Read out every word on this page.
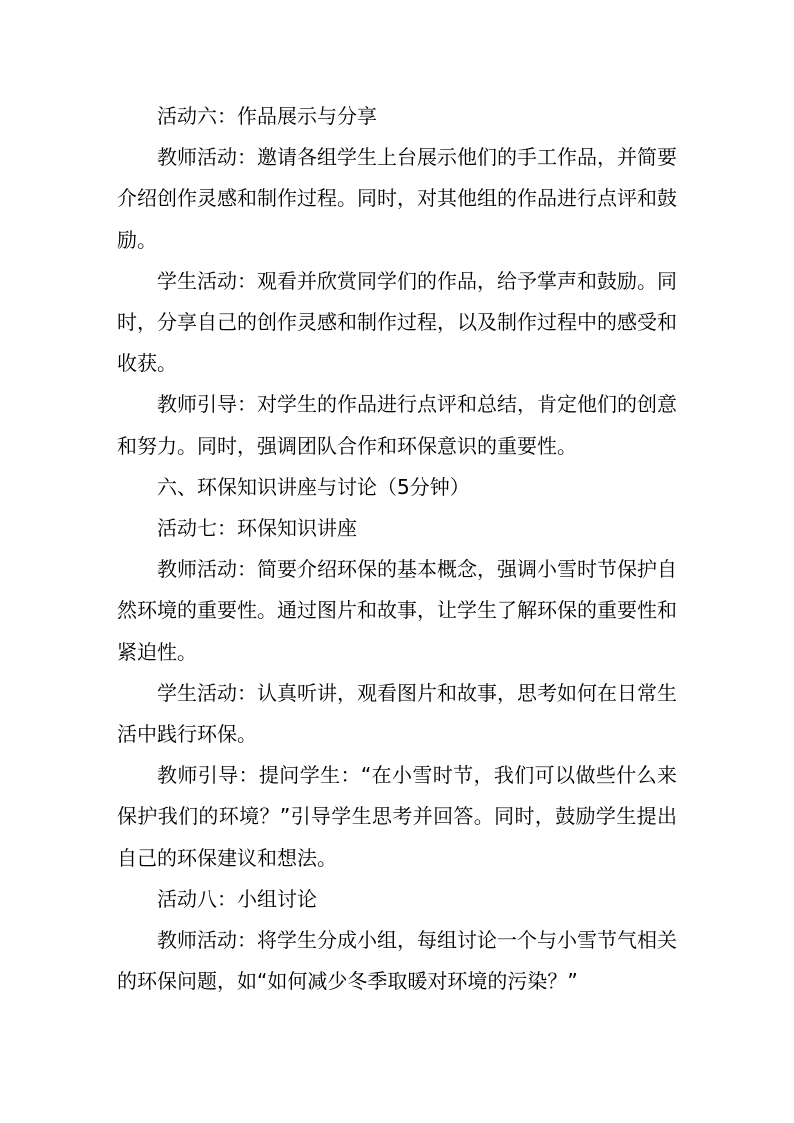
活动六：作品展示与分享

教师活动：邀请各组学生上台展示他们的手工作品，并简要介绍创作灵感和制作过程。同时，对其他组的作品进行点评和鼓励。

学生活动：观看并欣赏同学们的作品，给予掌声和鼓励。同时，分享自己的创作灵感和制作过程，以及制作过程中的感受和收获。

教师引导：对学生的作品进行点评和总结，肯定他们的创意和努力。同时，强调团队合作和环保意识的重要性。

六、环保知识讲座与讨论（5分钟）

活动七：环保知识讲座

教师活动：简要介绍环保的基本概念，强调小雪时节保护自然环境的重要性。通过图片和故事，让学生了解环保的重要性和紧迫性。

学生活动：认真听讲，观看图片和故事，思考如何在日常生活中践行环保。

教师引导：提问学生：“在小雪时节，我们可以做些什么来保护我们的环境？”引导学生思考并回答。同时，鼓励学生提出自己的环保建议和想法。

活动八：小组讨论

教师活动：将学生分成小组，每组讨论一个与小雪节气相关的环保问题，如“如何减少冬季取暖对环境的污染？”
